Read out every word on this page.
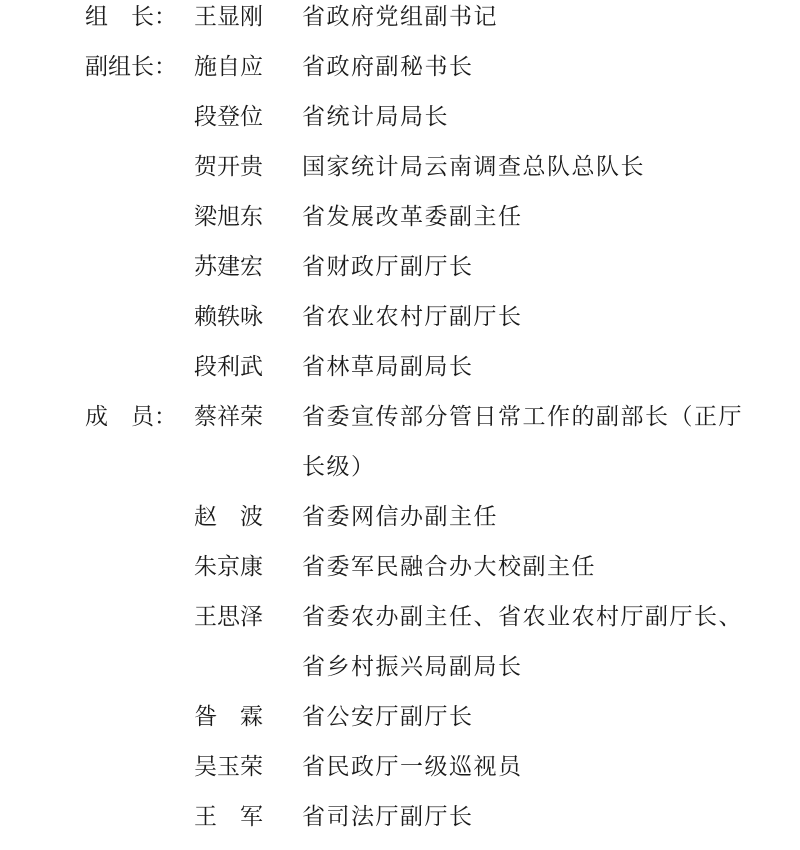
组　长： 王显刚 省政府党组副书记
副组长： 施自应 省政府副秘书长
段登位 省统计局局长
贺开贵 国家统计局云南调查总队总队长
梁旭东 省发展改革委副主任
苏建宏 省财政厅副厅长
赖轶咏 省农业农村厅副厅长
段利武 省林草局副局长
成　员： 蔡祥荣 省委宣传部分管日常工作的副部长（正厅
长级）
赵　波 省委网信办副主任
朱京康 省委军民融合办大校副主任
王思泽 省委农办副主任、省农业农村厅副厅长、
省乡村振兴局副局长
昝　霖 省公安厅副厅长
吴玉荣 省民政厅一级巡视员
王　军 省司法厅副厅长
